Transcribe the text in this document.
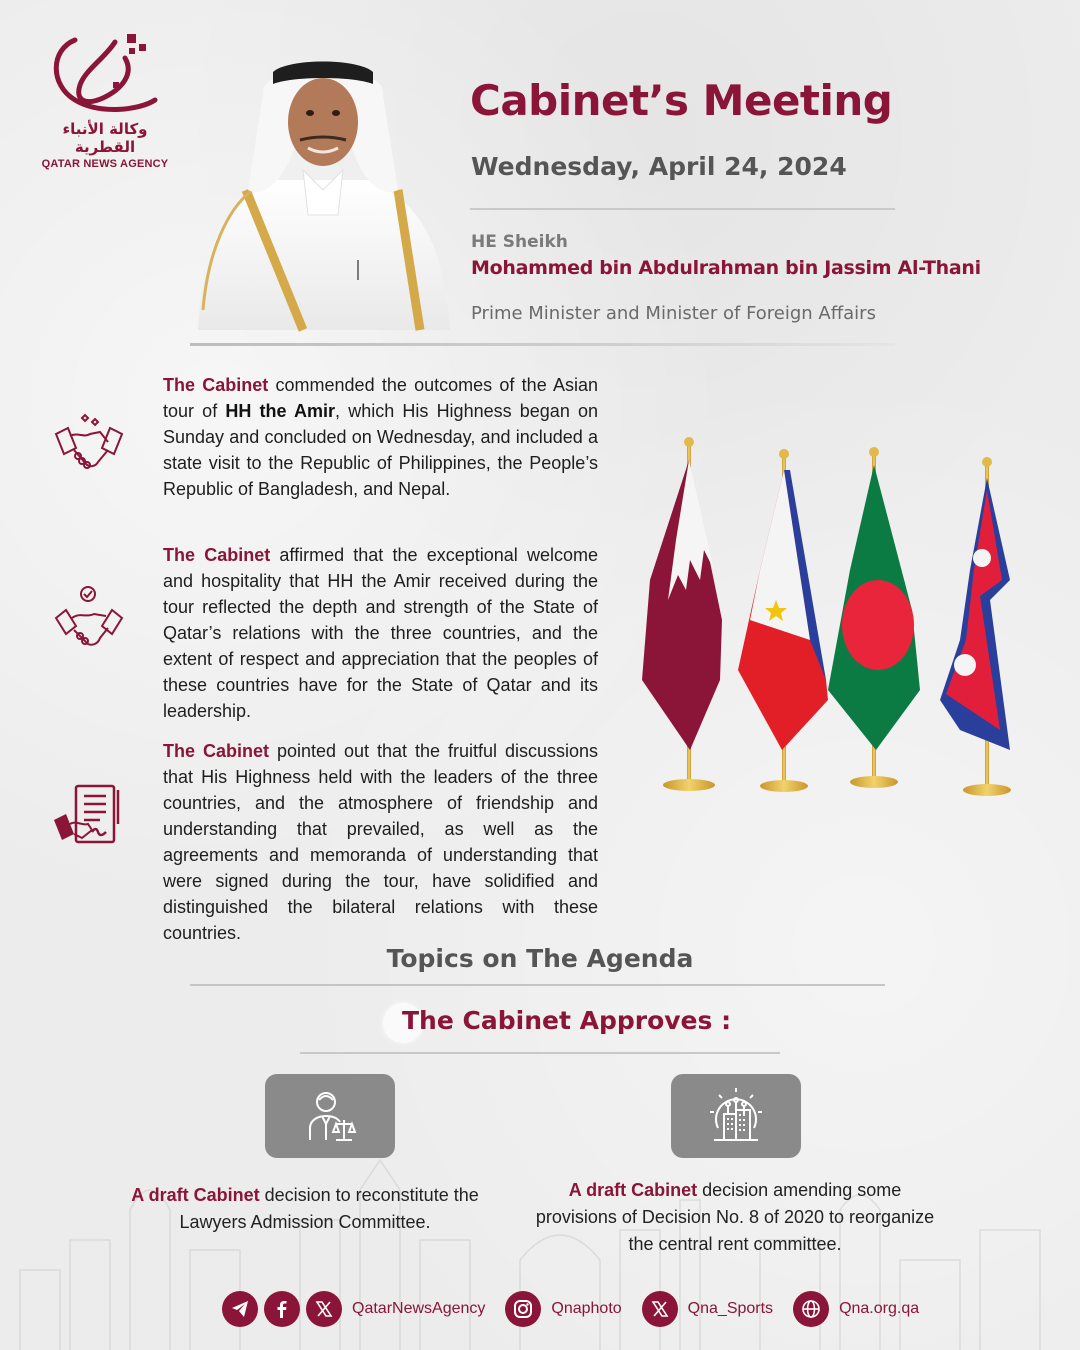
وكالة الأنباء القطرية
QATAR NEWS AGENCY
Cabinet’s Meeting
Wednesday, April 24, 2024
HE Sheikh
Mohammed bin Abdulrahman bin Jassim Al-Thani
Prime Minister and Minister of Foreign Affairs
The Cabinet commended the outcomes of the Asian tour of HH the Amir, which His Highness began on Sunday and concluded on Wednesday, and included a state visit to the Republic of Philippines, the People’s Republic of Bangladesh, and Nepal.
The Cabinet affirmed that the exceptional welcome and hospitality that HH the Amir received during the tour reflected the depth and strength of the State of Qatar’s relations with the three countries, and the extent of respect and appreciation that the peoples of these countries have for the State of Qatar and its leadership.
The Cabinet pointed out that the fruitful discussions that His Highness held with the leaders of the three countries, and the atmosphere of friendship and understanding that prevailed, as well as the agreements and memoranda of understanding that were signed during the tour, have solidified and distinguished the bilateral relations with these countries.
Topics on The Agenda
The Cabinet Approves :
A draft Cabinet decision to reconstitute the Lawyers Admission Committee.
A draft Cabinet decision amending some provisions of Decision No. 8 of 2020 to reorganize the central rent committee.
QatarNewsAgency	Qnaphoto	Qna_Sports	Qna.org.qa
